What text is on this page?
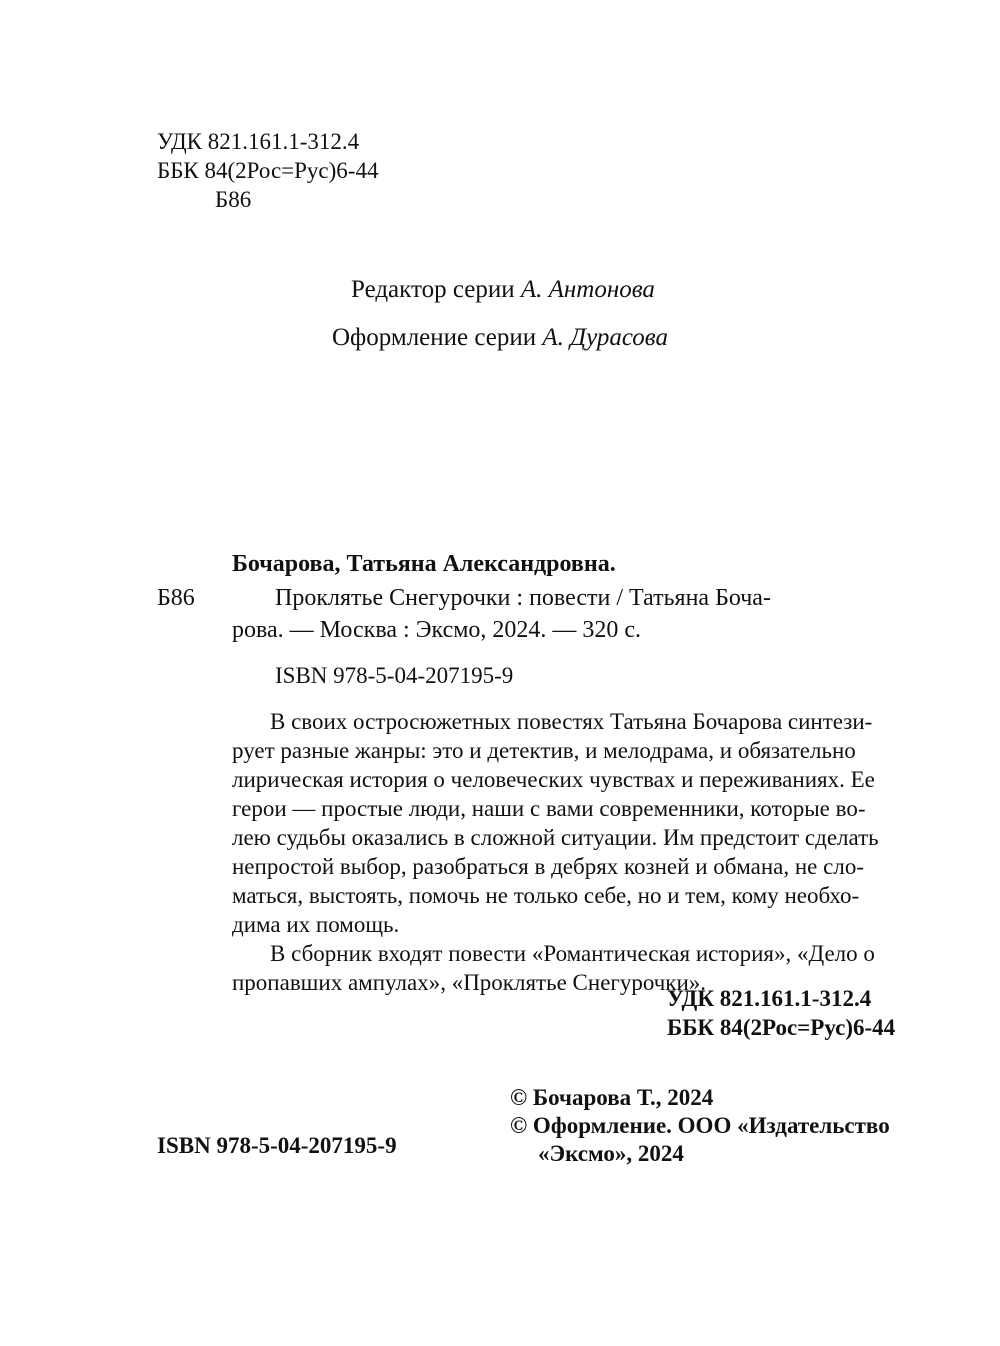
УДК 821.161.1-312.4
ББК 84(2Рос=Рус)6-44
Б86
Редактор серии А. Антонова
Оформление серии А. Дурасова
Бочарова, Татьяна Александровна.
Б86	Проклятье Снегурочки : повести / Татьяна Боча-
рова. — Москва : Эксмо, 2024. — 320 с.
ISBN 978-5-04-207195-9
В своих остросюжетных повестях Татьяна Бочарова синтези-
рует разные жанры: это и детектив, и мелодрама, и обязательно
лирическая история о человеческих чувствах и переживаниях. Ее
герои — простые люди, наши с вами современники, которые во-
лею судьбы оказались в сложной ситуации. Им предстоит сделать
непростой выбор, разобраться в дебрях козней и обмана, не сло-
маться, выстоять, помочь не только себе, но и тем, кому необхо-
дима их помощь.
В сборник входят повести «Романтическая история», «Дело о
пропавших ампулах», «Проклятье Снегурочки».
УДК 821.161.1-312.4
ББК 84(2Рос=Рус)6-44
© Бочарова Т., 2024
© Оформление. ООО «Издательство
«Эксмо», 2024
ISBN 978-5-04-207195-9
